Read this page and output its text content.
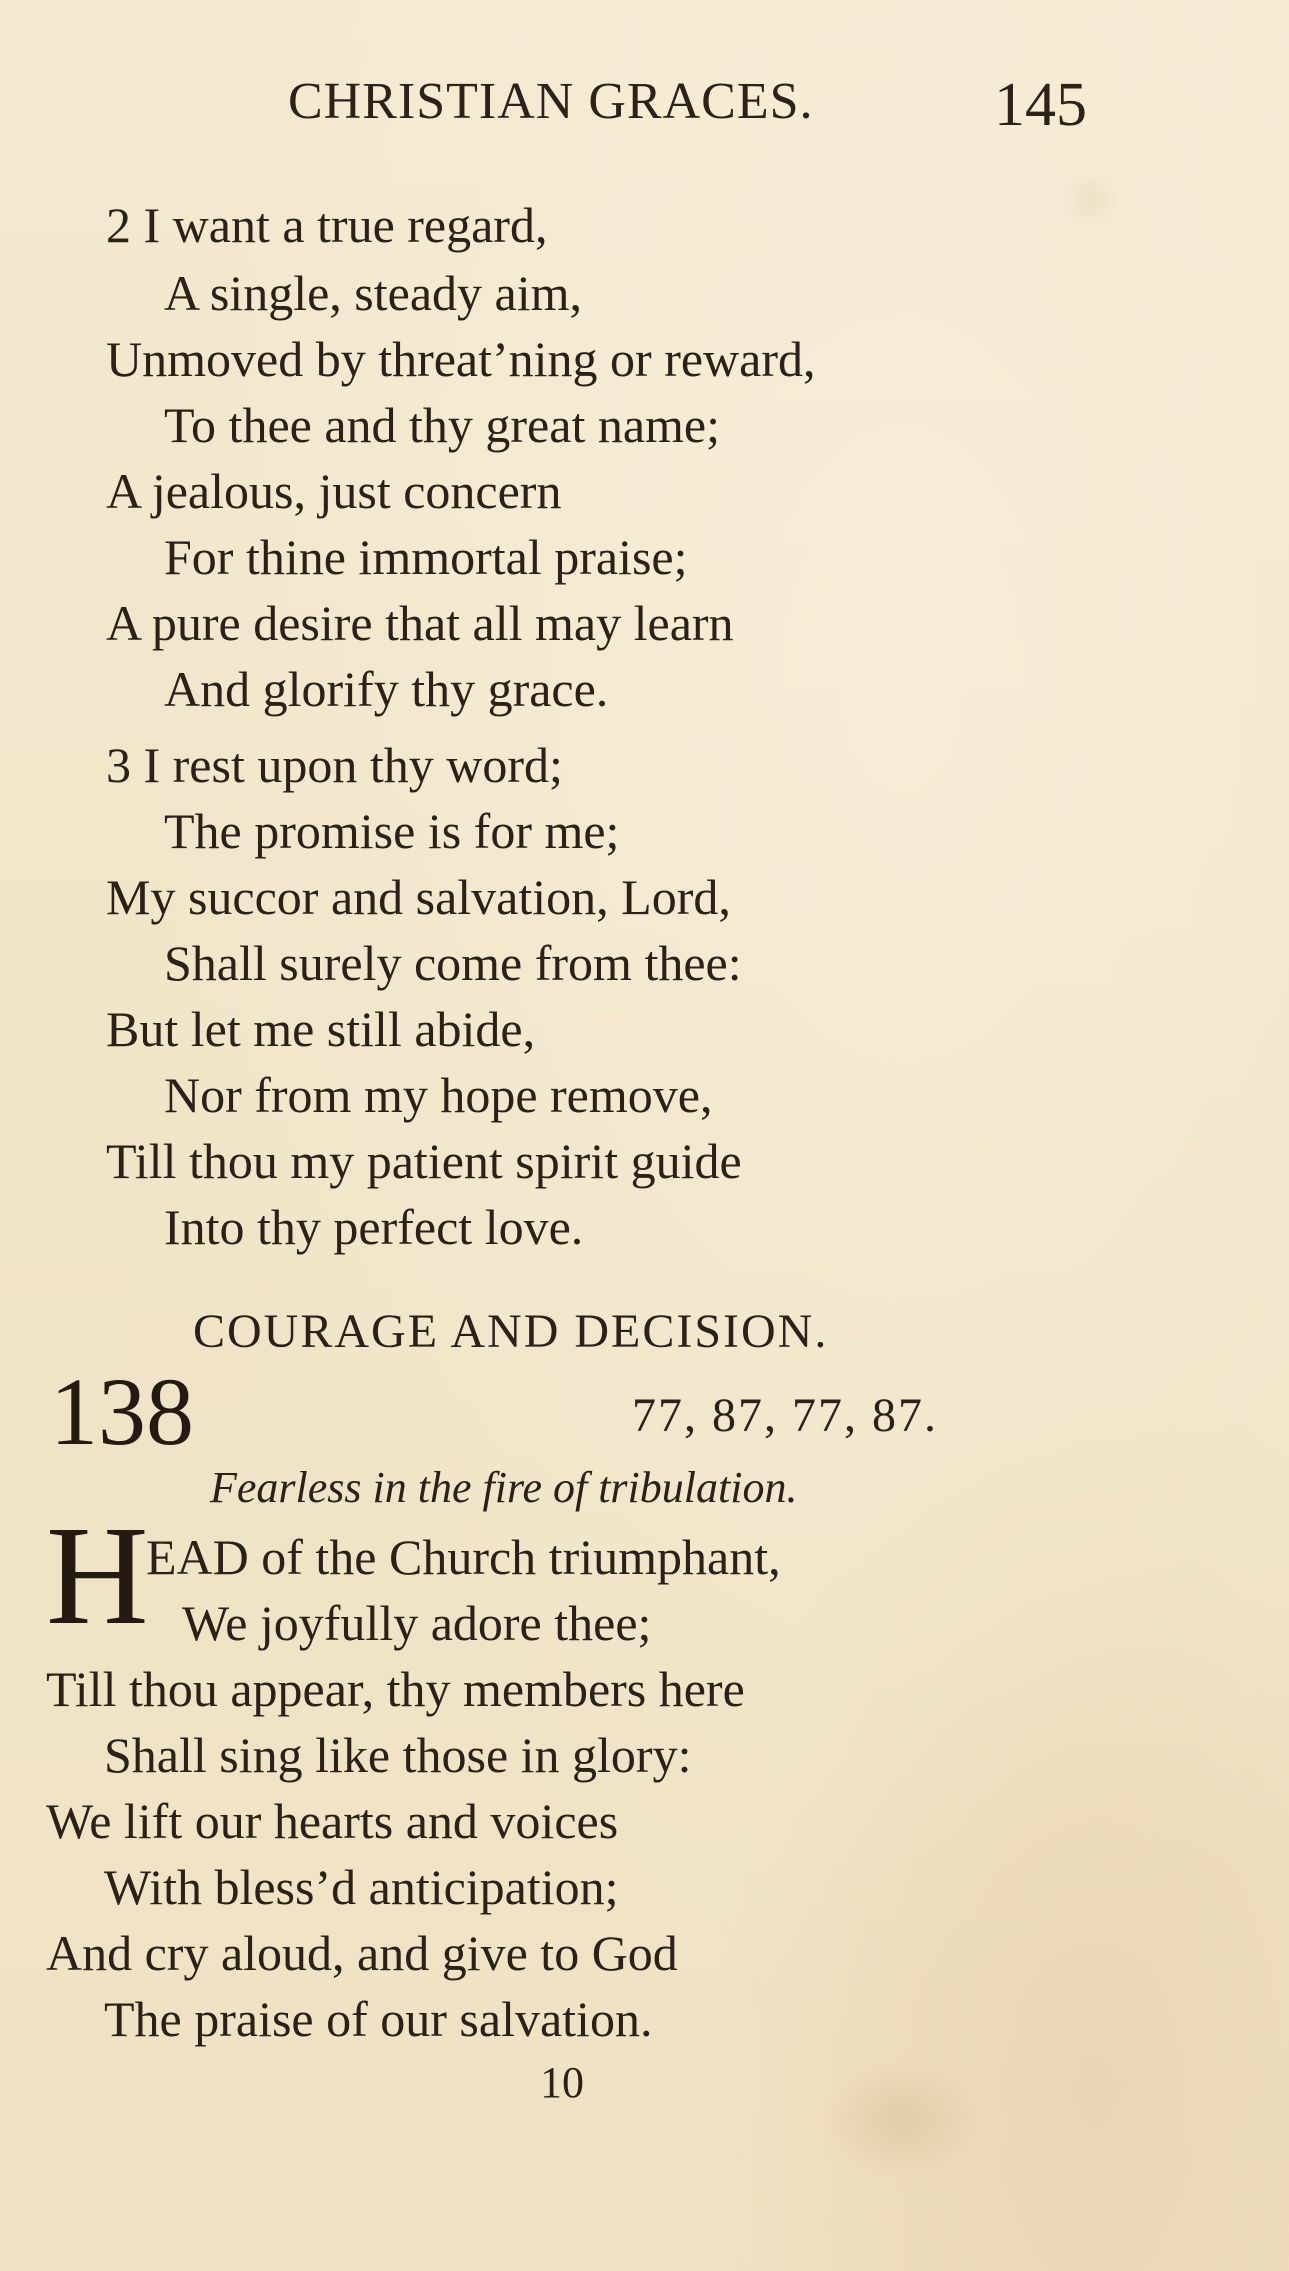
CHRISTIAN GRACES.	145
2 I want a true regard,
A single, steady aim,
Unmoved by threat’ning or reward,
To thee and thy great name;
A jealous, just concern
For thine immortal praise;
A pure desire that all may learn
And glorify thy grace.
3 I rest upon thy word;
The promise is for me;
My succor and salvation, Lord,
Shall surely come from thee:
But let me still abide,
Nor from my hope remove,
Till thou my patient spirit guide
Into thy perfect love.
COURAGE AND DECISION.
138	77, 87, 77, 87.
Fearless in the fire of tribulation.
H
EAD of the Church triumphant,
We joyfully adore thee;
Till thou appear, thy members here
Shall sing like those in glory:
We lift our hearts and voices
With bless’d anticipation;
And cry aloud, and give to God
The praise of our salvation.
10
